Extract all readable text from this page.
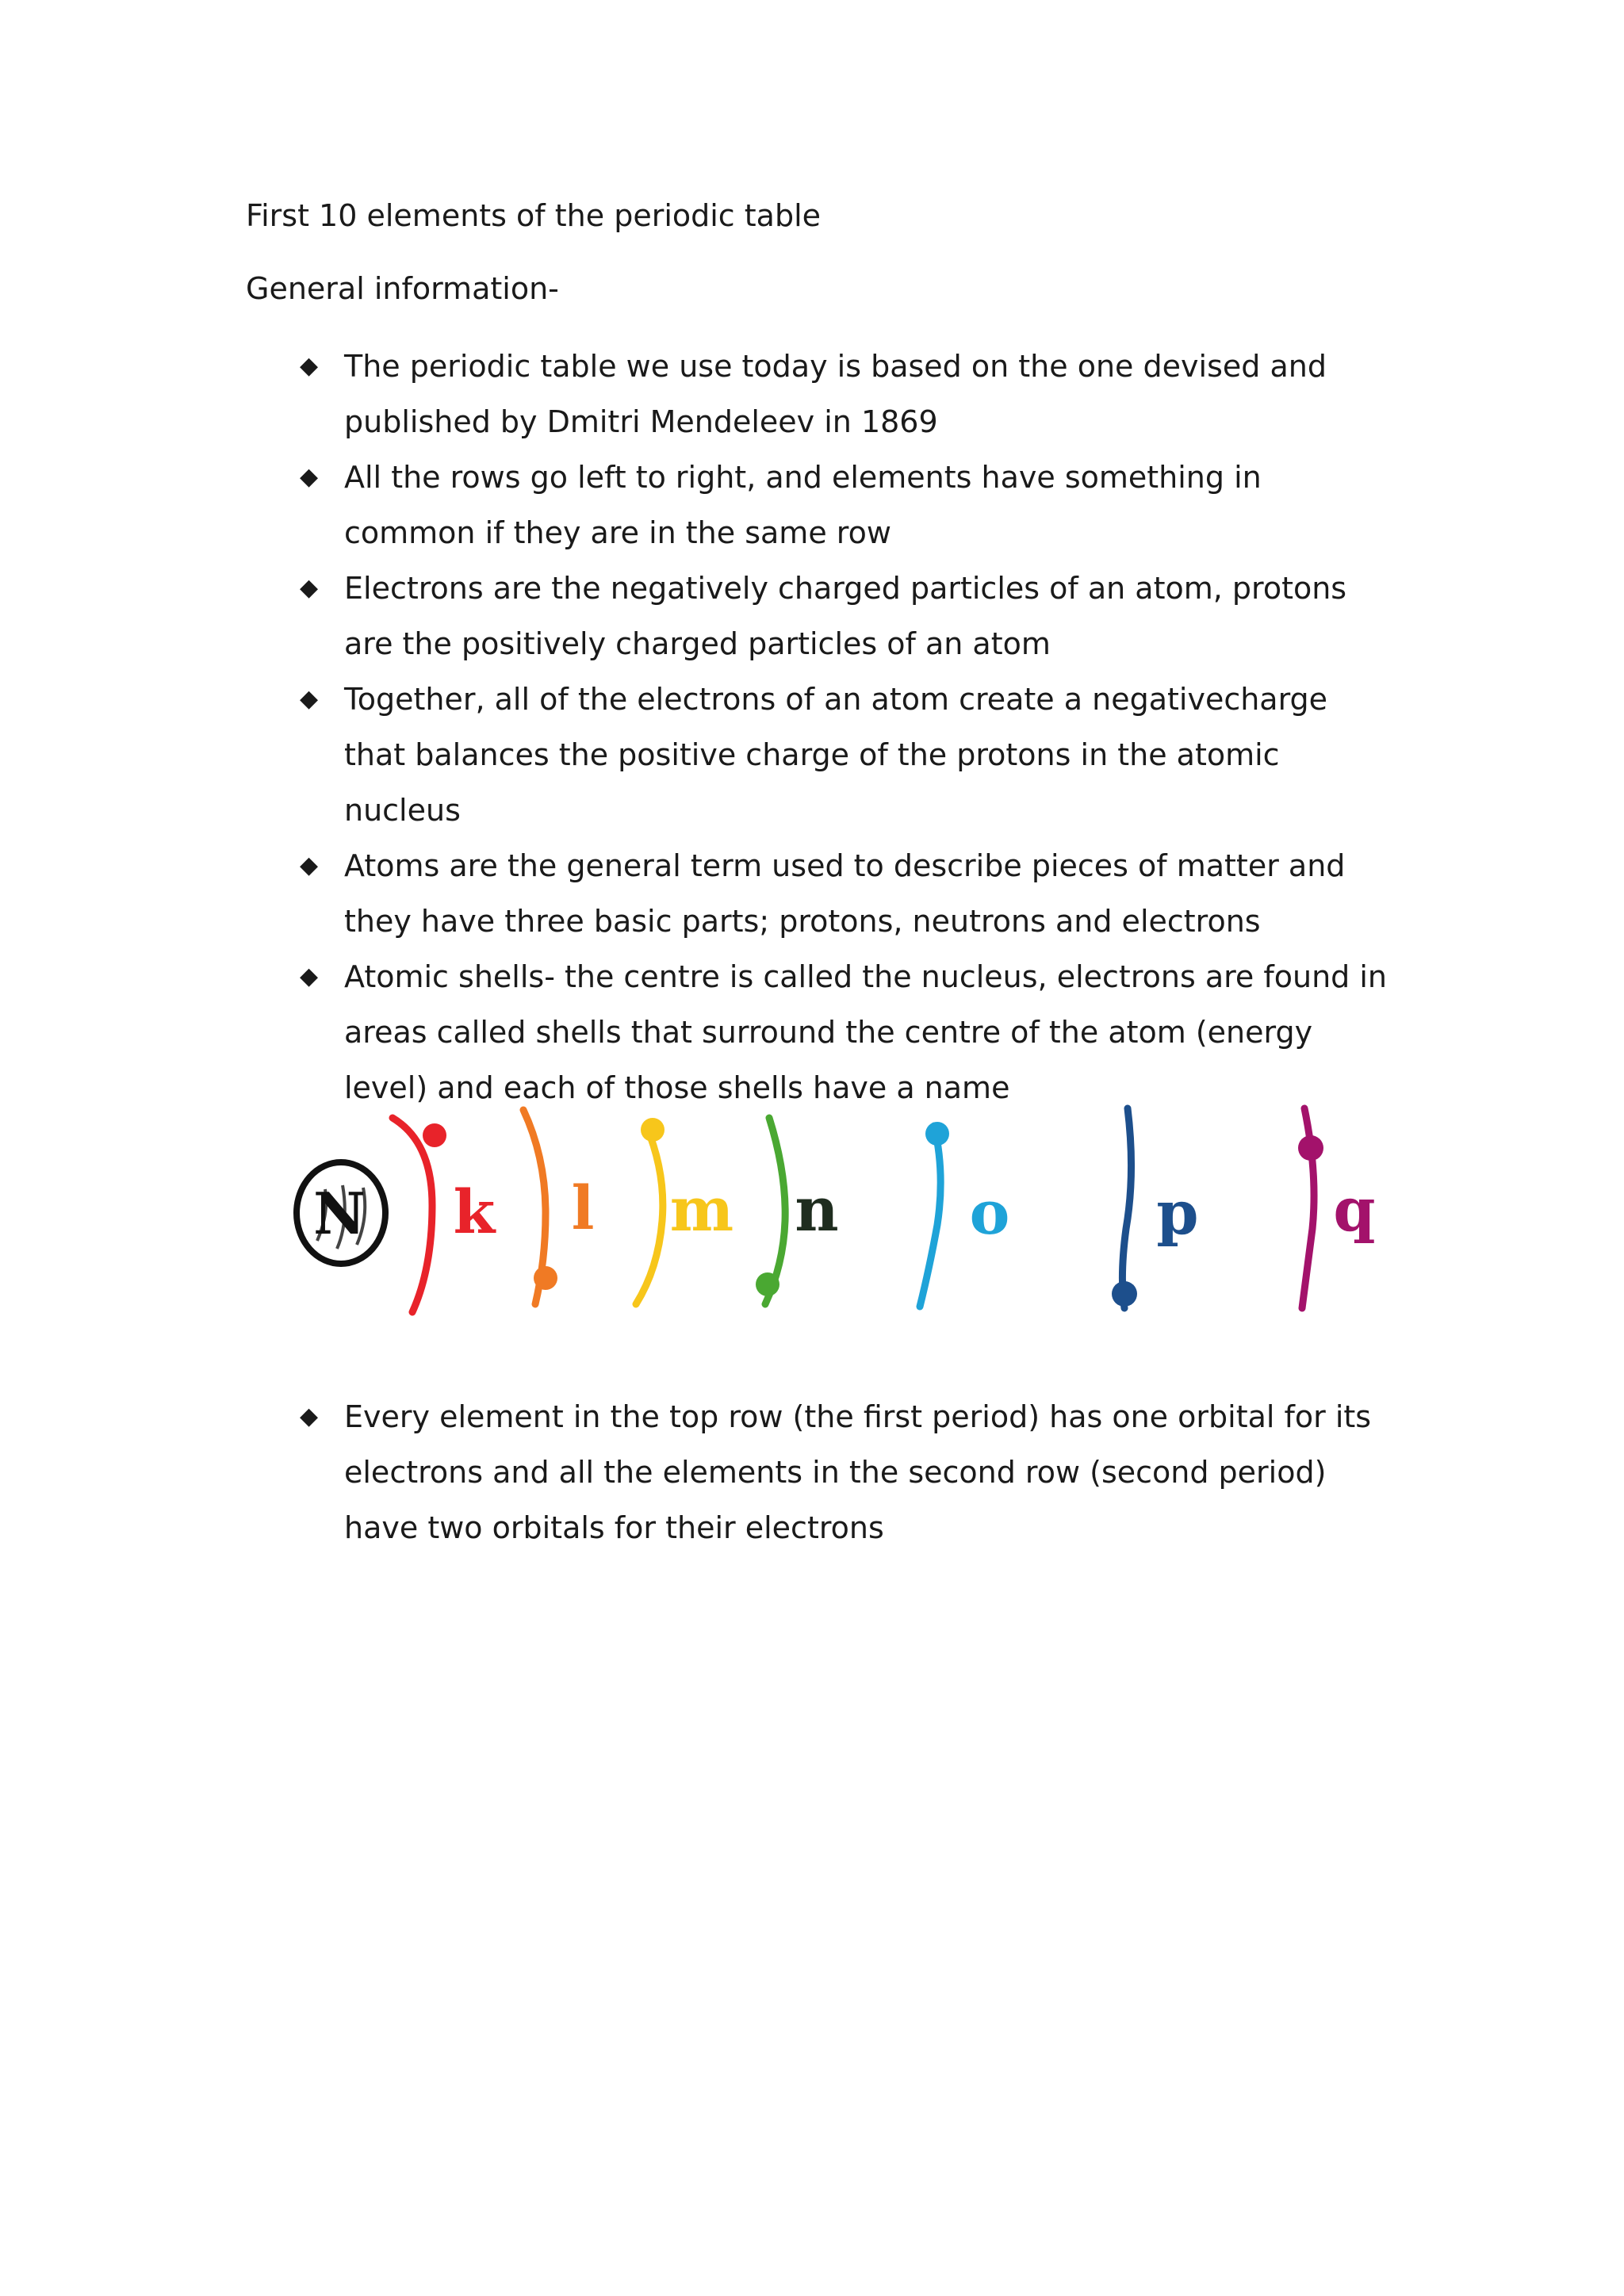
First 10 elements of the periodic table
General information-
◆ The periodic table we use today is based on the one devised and published by Dmitri Mendeleev in 1869
◆ All the rows go left to right, and elements have something in common if they are in the same row
◆ Electrons are the negatively charged particles of an atom, protons are the positively charged particles of an atom
◆ Together, all of the electrons of an atom create a negativecharge that balances the positive charge of the protons in the atomic nucleus
◆ Atoms are the general term used to describe pieces of matter and they have three basic parts; protons, neutrons and electrons
◆ Atomic shells- the centre is called the nucleus, electrons are found in areas called shells that surround the centre of the atom (energy level) and each of those shells have a name
N k l m n o p q
◆ Every element in the top row (the first period) has one orbital for its electrons and all the elements in the second row (second period) have two orbitals for their electrons
